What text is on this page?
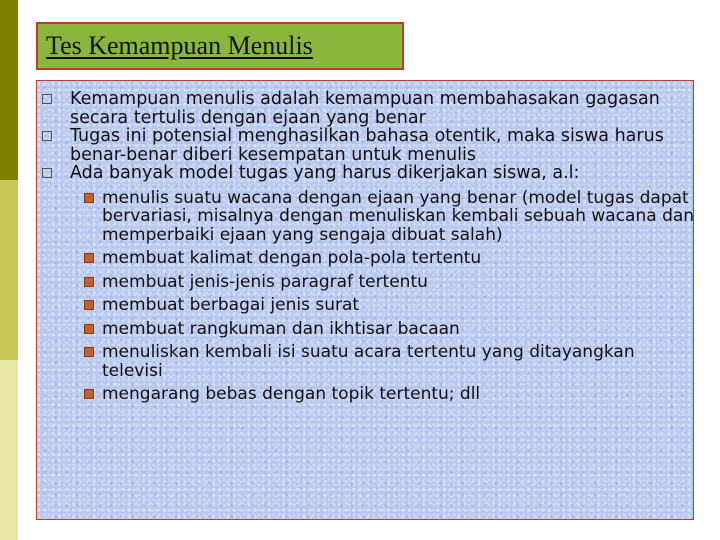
Tes Kemampuan Menulis
Kemampuan menulis adalah kemampuan membahasakan gagasan secara tertulis dengan ejaan yang benar
Tugas ini potensial menghasilkan bahasa otentik, maka siswa harus benar-benar diberi kesempatan untuk menulis
Ada banyak model tugas yang harus dikerjakan siswa, a.l:
menulis suatu wacana dengan ejaan yang benar (model tugas dapat bervariasi, misalnya dengan menuliskan kembali sebuah wacana dan memperbaiki ejaan yang sengaja dibuat salah)
membuat kalimat dengan pola-pola tertentu
membuat jenis-jenis paragraf tertentu
membuat berbagai jenis surat
membuat rangkuman dan ikhtisar bacaan
menuliskan kembali isi suatu acara tertentu yang ditayangkan televisi
mengarang bebas dengan topik tertentu; dll
